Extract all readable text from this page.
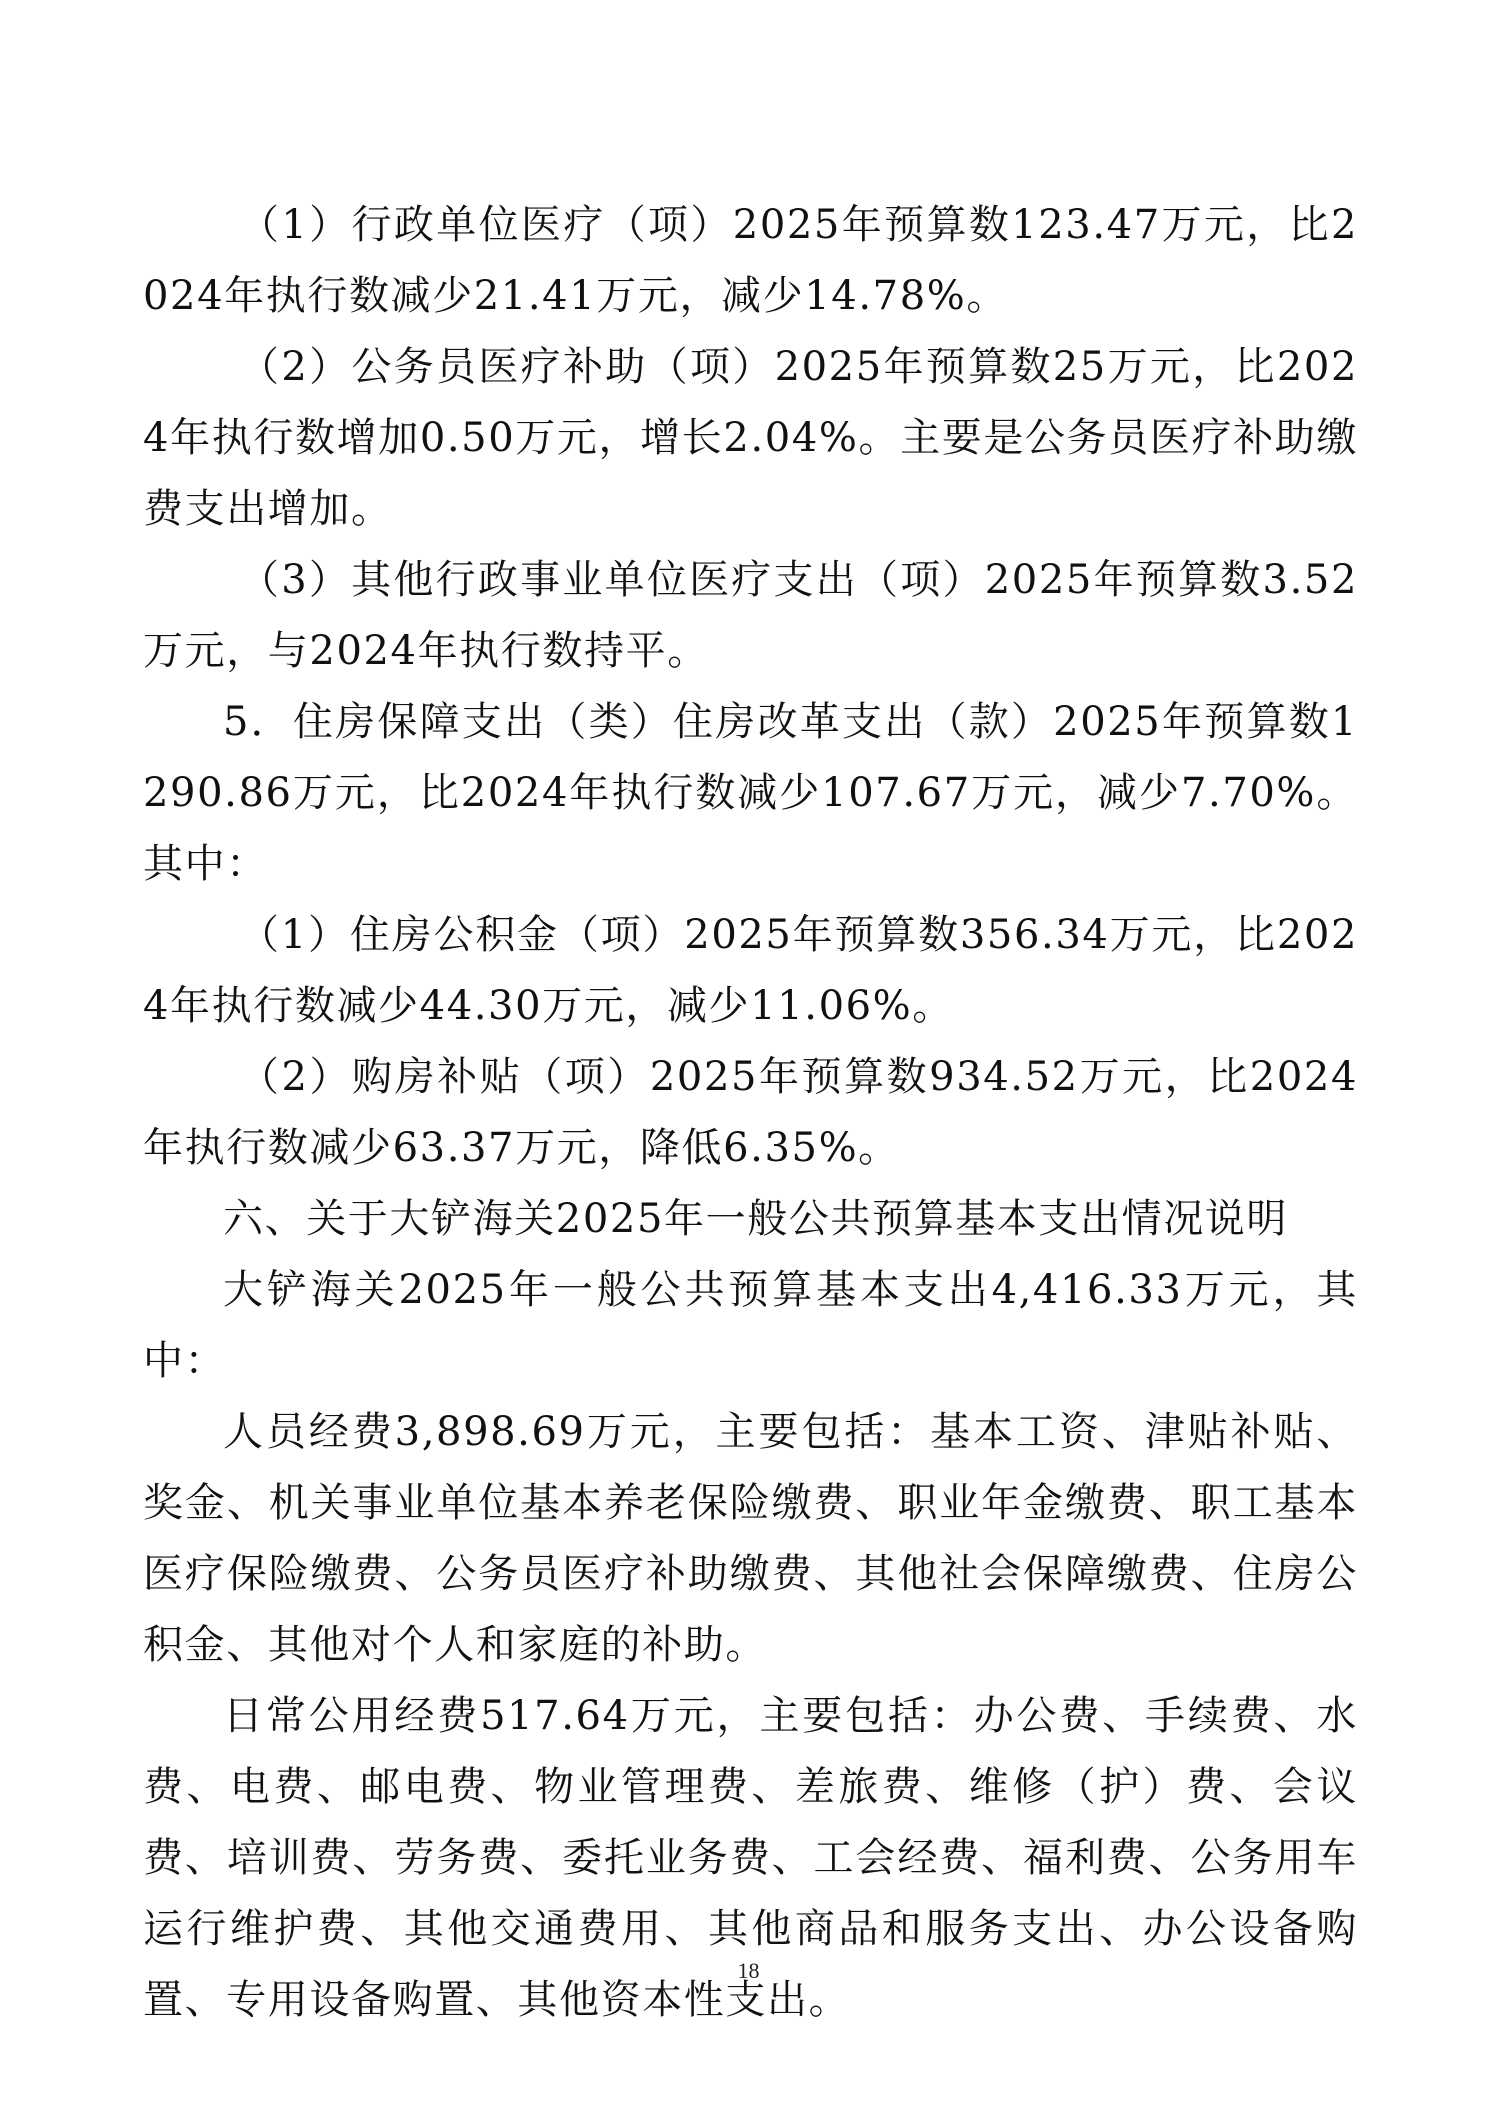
（1）行政单位医疗（项）2025年预算数123.47万元，比2024年执行数减少21.41万元，减少14.78%。

（2）公务员医疗补助（项）2025年预算数25万元，比2024年执行数增加0.50万元，增长2.04%。主要是公务员医疗补助缴费支出增加。

（3）其他行政事业单位医疗支出（项）2025年预算数3.52万元，与2024年执行数持平。

5．住房保障支出（类）住房改革支出（款）2025年预算数1290.86万元，比2024年执行数减少107.67万元，减少7.70%。其中：

（1）住房公积金（项）2025年预算数356.34万元，比2024年执行数减少44.30万元，减少11.06%。

（2）购房补贴（项）2025年预算数934.52万元，比2024年执行数减少63.37万元，降低6.35%。

六、关于大铲海关2025年一般公共预算基本支出情况说明

大铲海关2025年一般公共预算基本支出4,416.33万元，其中：

人员经费3,898.69万元，主要包括：基本工资、津贴补贴、奖金、机关事业单位基本养老保险缴费、职业年金缴费、职工基本医疗保险缴费、公务员医疗补助缴费、其他社会保障缴费、住房公积金、其他对个人和家庭的补助。

日常公用经费517.64万元，主要包括：办公费、手续费、水费、电费、邮电费、物业管理费、差旅费、维修（护）费、会议费、培训费、劳务费、委托业务费、工会经费、福利费、公务用车运行维护费、其他交通费用、其他商品和服务支出、办公设备购置、专用设备购置、其他资本性支出。

18
